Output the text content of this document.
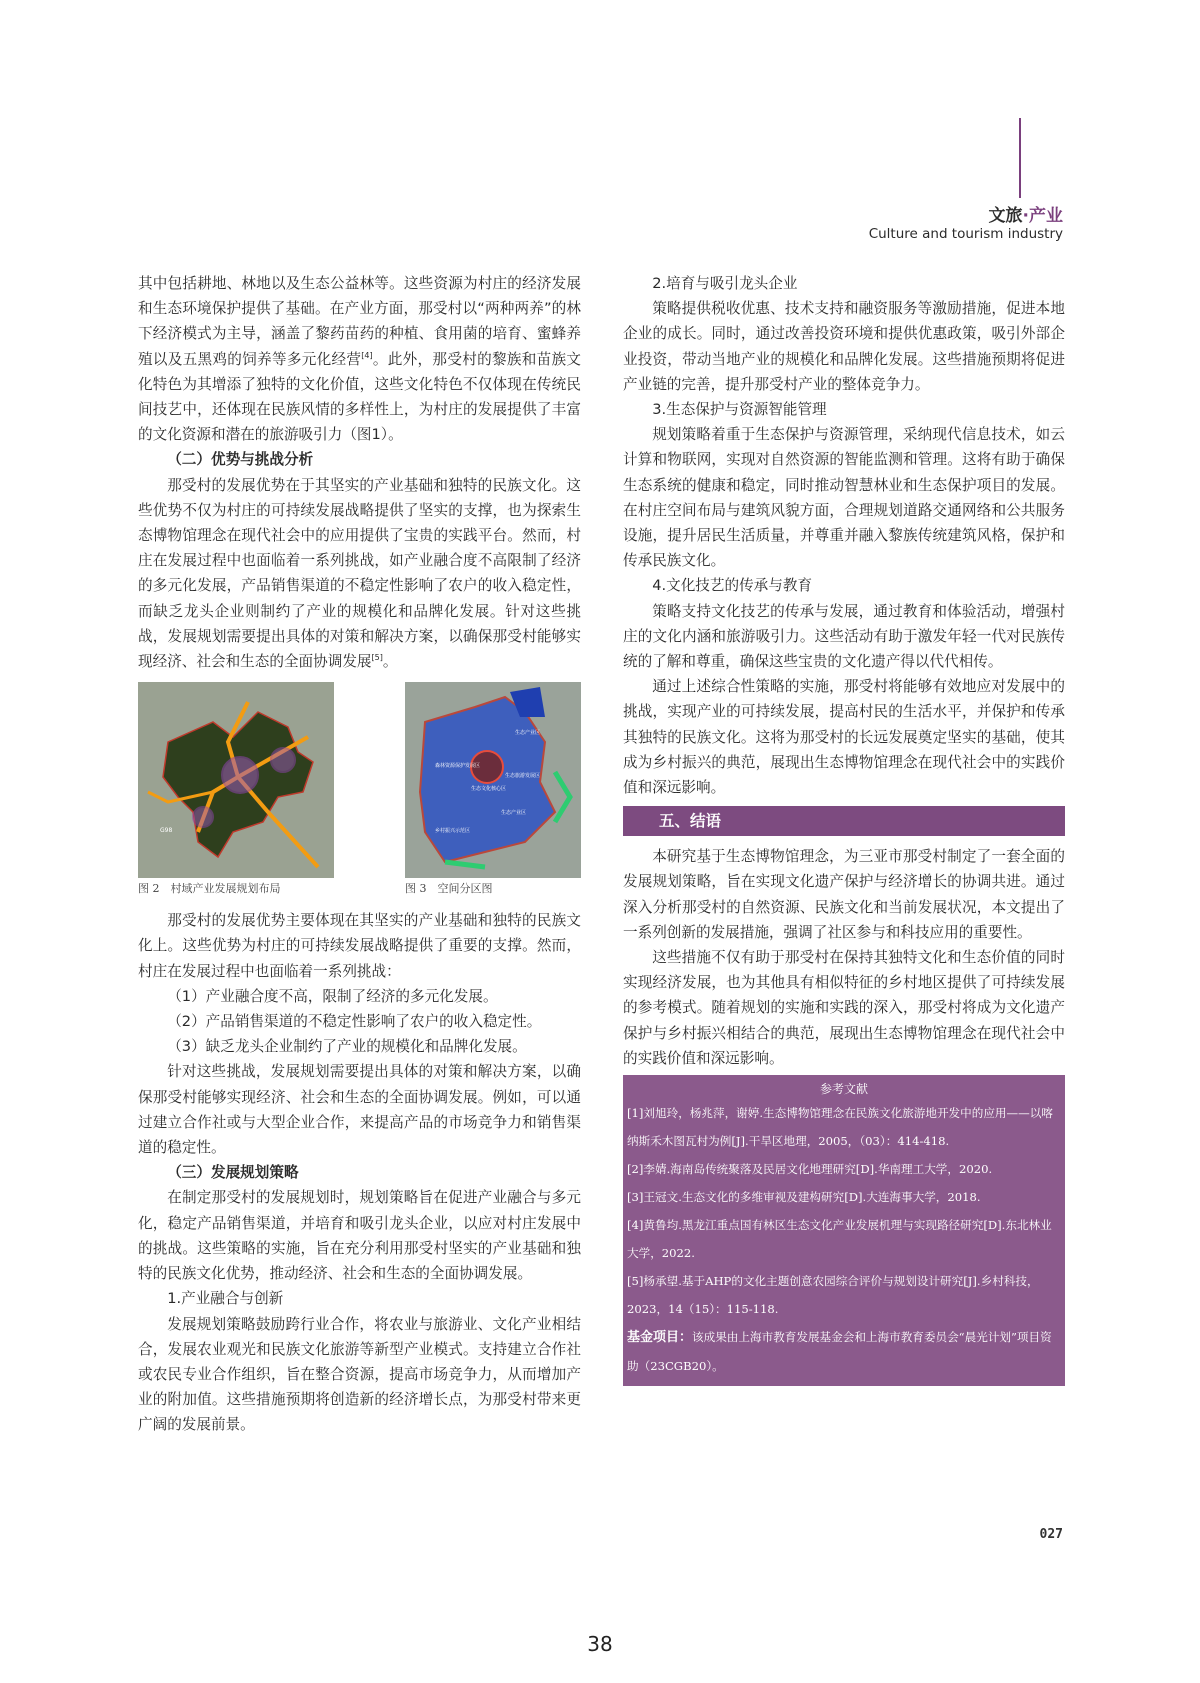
文旅·产业
Culture and tourism industry

其中包括耕地、林地以及生态公益林等。这些资源为村庄的经济发展和生态环境保护提供了基础。在产业方面，那受村以“两种两养”的林下经济模式为主导，涵盖了黎药苗药的种植、食用菌的培育、蜜蜂养殖以及五黑鸡的饲养等多元化经营[4]。此外，那受村的黎族和苗族文化特色为其增添了独特的文化价值，这些文化特色不仅体现在传统民间技艺中，还体现在民族风情的多样性上，为村庄的发展提供了丰富的文化资源和潜在的旅游吸引力（图1）。

（二）优势与挑战分析

那受村的发展优势在于其坚实的产业基础和独特的民族文化。这些优势不仅为村庄的可持续发展战略提供了坚实的支撑，也为探索生态博物馆理念在现代社会中的应用提供了宝贵的实践平台。然而，村庄在发展过程中也面临着一系列挑战，如产业融合度不高限制了经济的多元化发展，产品销售渠道的不稳定性影响了农户的收入稳定性，而缺乏龙头企业则制约了产业的规模化和品牌化发展。针对这些挑战，发展规划需要提出具体的对策和解决方案，以确保那受村能够实现经济、社会和生态的全面协调发展[5]。

G98
图 2　村域产业发展规划布局
生态产业区
森林资源保护发展区
生态文化核心区
生态旅游发展区
生态产业区
乡村振兴示范区
图 3　空间分区图

那受村的发展优势主要体现在其坚实的产业基础和独特的民族文化上。这些优势为村庄的可持续发展战略提供了重要的支撑。然而，村庄在发展过程中也面临着一系列挑战：

（1）产业融合度不高，限制了经济的多元化发展。

（2）产品销售渠道的不稳定性影响了农户的收入稳定性。

（3）缺乏龙头企业制约了产业的规模化和品牌化发展。

针对这些挑战，发展规划需要提出具体的对策和解决方案，以确保那受村能够实现经济、社会和生态的全面协调发展。例如，可以通过建立合作社或与大型企业合作，来提高产品的市场竞争力和销售渠道的稳定性。

（三）发展规划策略

在制定那受村的发展规划时，规划策略旨在促进产业融合与多元化，稳定产品销售渠道，并培育和吸引龙头企业，以应对村庄发展中的挑战。这些策略的实施，旨在充分利用那受村坚实的产业基础和独特的民族文化优势，推动经济、社会和生态的全面协调发展。

1.产业融合与创新

发展规划策略鼓励跨行业合作，将农业与旅游业、文化产业相结合，发展农业观光和民族文化旅游等新型产业模式。支持建立合作社或农民专业合作组织，旨在整合资源，提高市场竞争力，从而增加产业的附加值。这些措施预期将创造新的经济增长点，为那受村带来更广阔的发展前景。

2.培育与吸引龙头企业

策略提供税收优惠、技术支持和融资服务等激励措施，促进本地企业的成长。同时，通过改善投资环境和提供优惠政策，吸引外部企业投资，带动当地产业的规模化和品牌化发展。这些措施预期将促进产业链的完善，提升那受村产业的整体竞争力。

3.生态保护与资源智能管理

规划策略着重于生态保护与资源管理，采纳现代信息技术，如云计算和物联网，实现对自然资源的智能监测和管理。这将有助于确保生态系统的健康和稳定，同时推动智慧林业和生态保护项目的发展。在村庄空间布局与建筑风貌方面，合理规划道路交通网络和公共服务设施，提升居民生活质量，并尊重并融入黎族传统建筑风格，保护和传承民族文化。

4.文化技艺的传承与教育

策略支持文化技艺的传承与发展，通过教育和体验活动，增强村庄的文化内涵和旅游吸引力。这些活动有助于激发年轻一代对民族传统的了解和尊重，确保这些宝贵的文化遗产得以代代相传。

通过上述综合性策略的实施，那受村将能够有效地应对发展中的挑战，实现产业的可持续发展，提高村民的生活水平，并保护和传承其独特的民族文化。这将为那受村的长远发展奠定坚实的基础，使其成为乡村振兴的典范，展现出生态博物馆理念在现代社会中的实践价值和深远影响。

五、结语

本研究基于生态博物馆理念，为三亚市那受村制定了一套全面的发展规划策略，旨在实现文化遗产保护与经济增长的协调共进。通过深入分析那受村的自然资源、民族文化和当前发展状况，本文提出了一系列创新的发展措施，强调了社区参与和科技应用的重要性。

这些措施不仅有助于那受村在保持其独特文化和生态价值的同时实现经济发展，也为其他具有相似特征的乡村地区提供了可持续发展的参考模式。随着规划的实施和实践的深入，那受村将成为文化遗产保护与乡村振兴相结合的典范，展现出生态博物馆理念在现代社会中的实践价值和深远影响。

参考文献
[1]刘旭玲，杨兆萍，谢婷.生态博物馆理念在民族文化旅游地开发中的应用——以喀纳斯禾木图瓦村为例[J].干旱区地理，2005，（03）：414-418.
[2]李婧.海南岛传统聚落及民居文化地理研究[D].华南理工大学，2020.
[3]王冠文.生态文化的多维审视及建构研究[D].大连海事大学，2018.
[4]黄鲁均.黑龙江重点国有林区生态文化产业发展机理与实现路径研究[D].东北林业大学，2022.
[5]杨承望.基于AHP的文化主题创意农园综合评价与规划设计研究[J].乡村科技，2023，14（15）：115-118.
基金项目：该成果由上海市教育发展基金会和上海市教育委员会“晨光计划”项目资助（23CGB20）。
027
38
